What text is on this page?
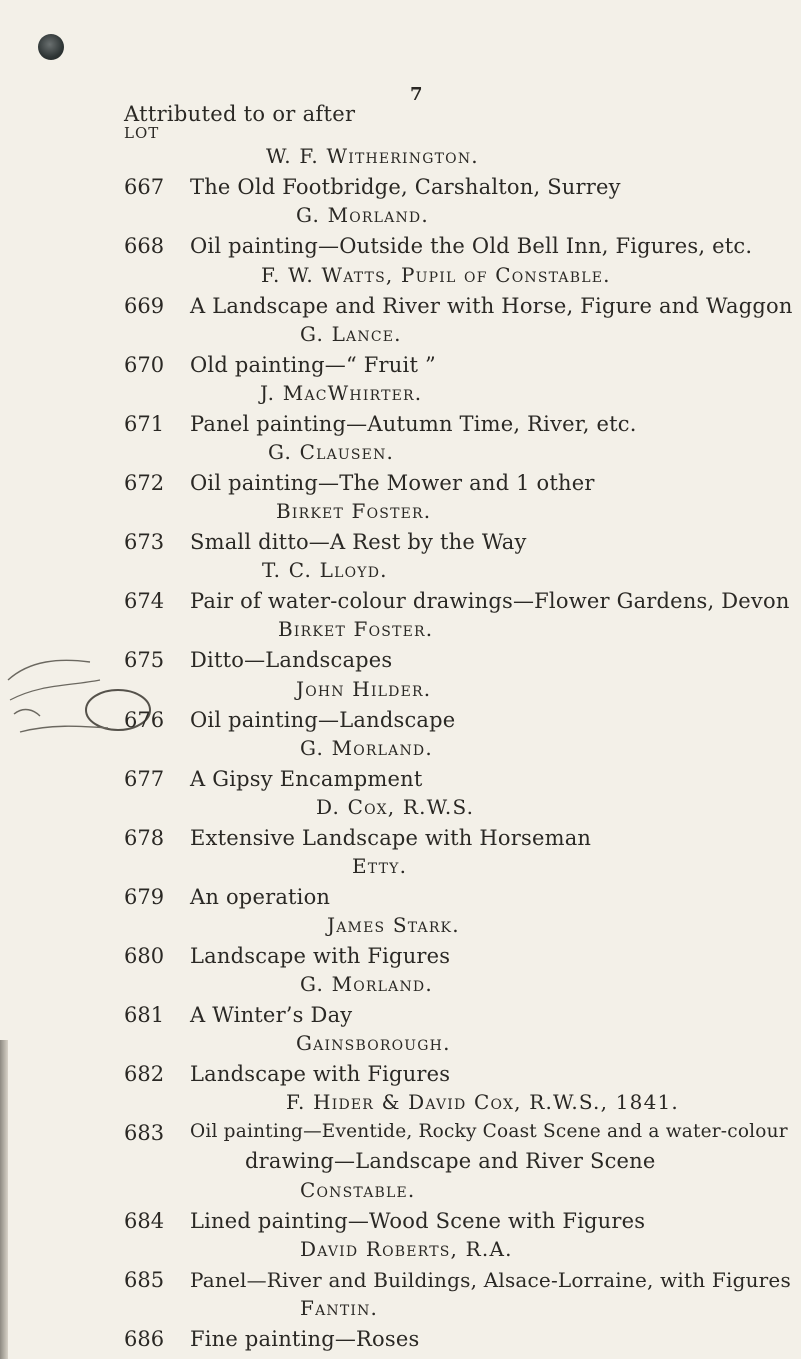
7
Attributed to or after
LOT
W. F. Witherington.
667 The Old Footbridge, Carshalton, Surrey
G. Morland.
668 Oil painting—Outside the Old Bell Inn, Figures, etc.
F. W. Watts, Pupil of Constable.
669 A Landscape and River with Horse, Figure and Waggon
G. Lance.
670 Old painting—“ Fruit ”
J. MacWhirter.
671 Panel painting—Autumn Time, River, etc.
G. Clausen.
672 Oil painting—The Mower and 1 other
Birket Foster.
673 Small ditto—A Rest by the Way
T. C. Lloyd.
674 Pair of water-colour drawings—Flower Gardens, Devon
Birket Foster.
675 Ditto—Landscapes
John Hilder.
676 Oil painting—Landscape
G. Morland.
677 A Gipsy Encampment
D. Cox, R.W.S.
678 Extensive Landscape with Horseman
Etty.
679 An operation
James Stark.
680 Landscape with Figures
G. Morland.
681 A Winter’s Day
Gainsborough.
682 Landscape with Figures
F. Hider & David Cox, R.W.S., 1841.
683 Oil painting—Eventide, Rocky Coast Scene and a water-colour
drawing—Landscape and River Scene
Constable.
684 Lined painting—Wood Scene with Figures
David Roberts, R.A.
685 Panel—River and Buildings, Alsace-Lorraine, with Figures
Fantin.
686 Fine painting—Roses
